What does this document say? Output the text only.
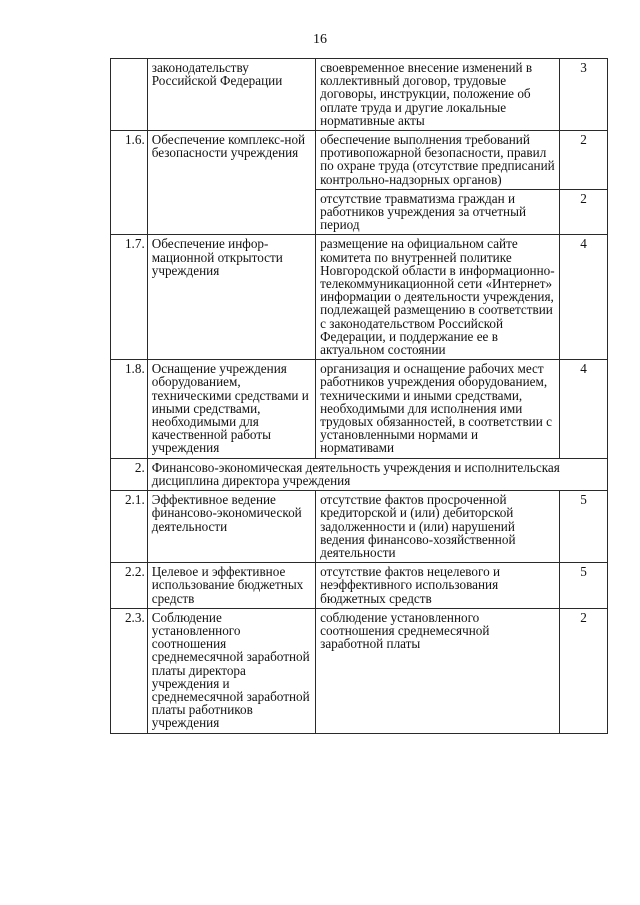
16
	законодательству Российской Федерации	своевременное внесение изменений в коллективный договор, трудовые договоры, инструкции, положение об оплате труда и другие локальные нормативные акты	3
1.6.	Обеспечение комплекс-ной безопасности учреждения	обеспечение выполнения требований противопожарной безопасности, правил по охране труда (отсутствие предписаний контрольно-надзорных органов)	2
		отсутствие травматизма граждан и работников учреждения за отчетный период	2
1.7.	Обеспечение инфор-мационной открытости учреждения	размещение на официальном сайте комитета по внутренней политике Новгородской области в информационно-телекоммуникационной сети «Интернет» информации о деятельности учреждения, подлежащей размещению в соответствии с законодательством Российской Федерации, и поддержание ее в актуальном состоянии	4
1.8.	Оснащение учреждения оборудованием, техническими средствами и иными средствами, необходимыми для качественной работы учреждения	организация и оснащение рабочих мест работников учреждения оборудованием, техническими и иными средствами, необходимыми для исполнения ими трудовых обязанностей, в соответствии с установленными нормами и нормативами	4
2.	Финансово-экономическая деятельность учреждения и исполнительская дисциплина директора учреждения		
2.1.	Эффективное ведение финансово-экономической деятельности	отсутствие фактов просроченной кредиторской и (или) дебиторской задолженности и (или) нарушений ведения финансово-хозяйственной деятельности	5
2.2.	Целевое и эффективное использование бюджетных средств	отсутствие фактов нецелевого и неэффективного использования бюджетных средств	5
2.3.	Соблюдение установленного соотношения среднемесячной заработной платы директора учреждения и среднемесячной заработной платы работников учреждения	соблюдение установленного соотношения среднемесячной заработной платы	2
